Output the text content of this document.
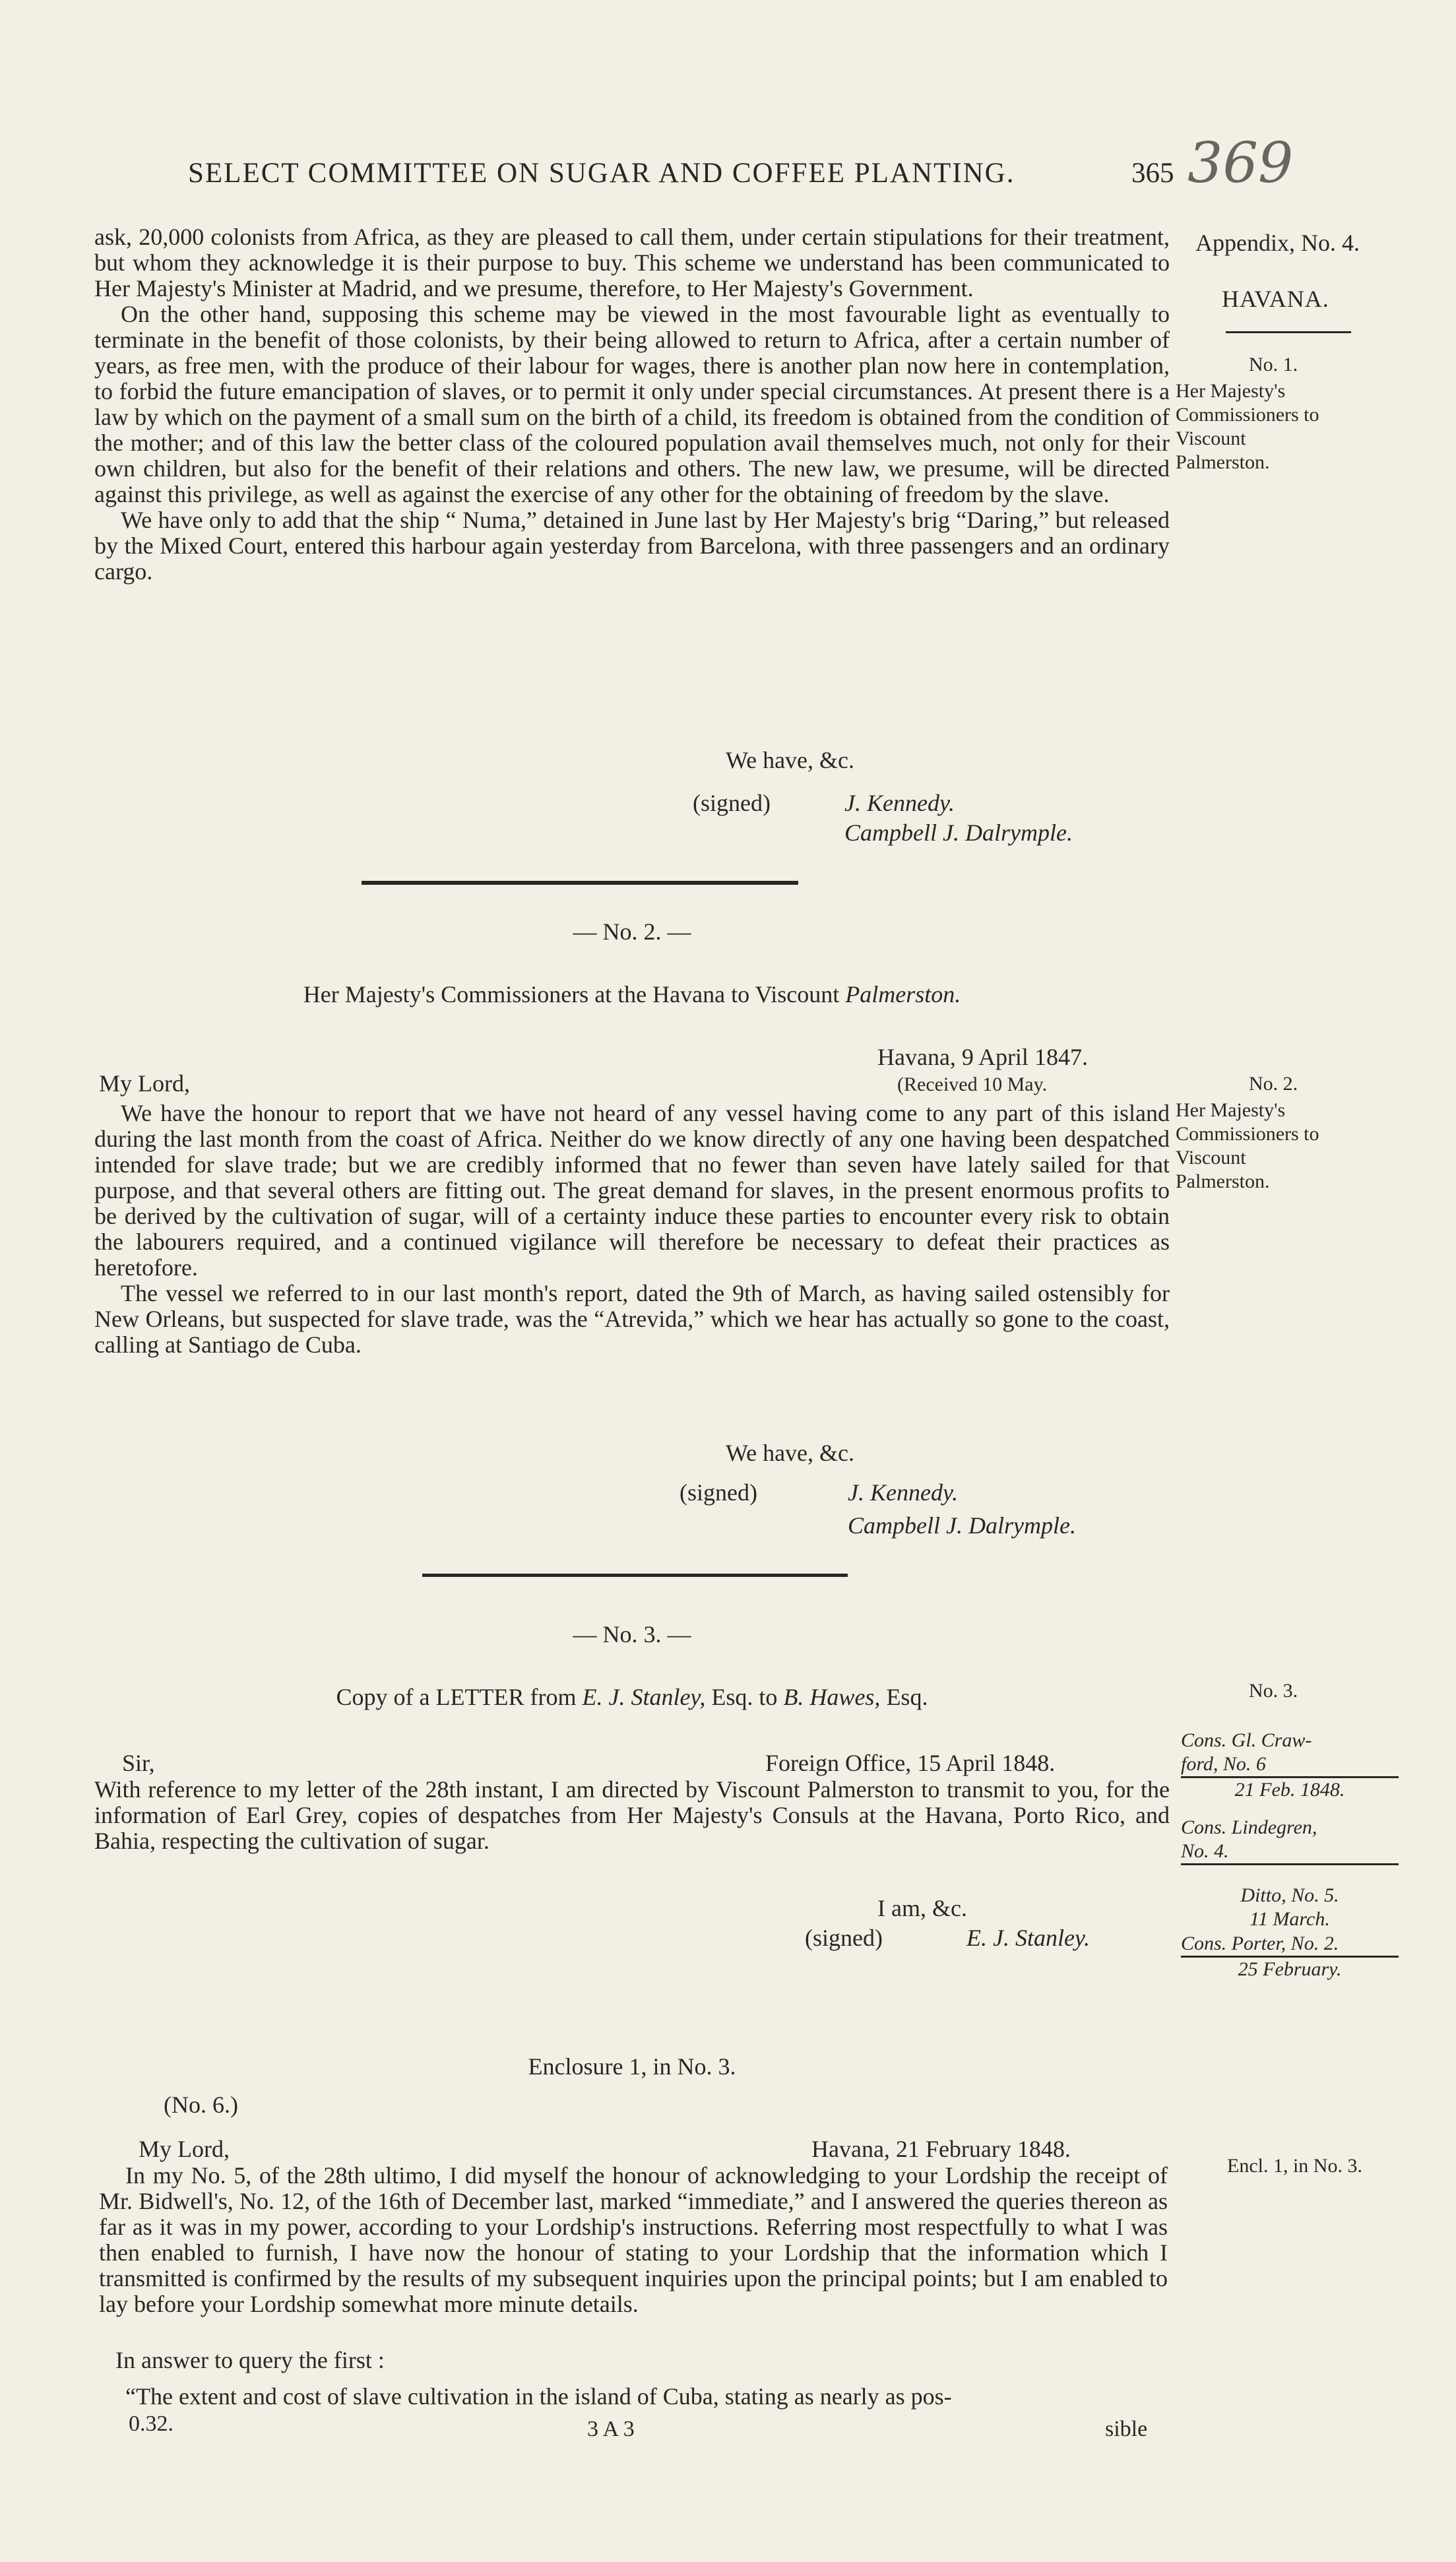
SELECT COMMITTEE ON SUGAR AND COFFEE PLANTING.	365 369
Appendix, No. 4.
HAVANA.
No. 1.
Her Majesty's
Commissioners to
Viscount
Palmerston.
No. 2.
Her Majesty's
Commissioners to
Viscount
Palmerston.
No. 3.
Cons. Gl. Craw-
ford, No. 6
21 Feb. 1848.
Cons. Lindegren,
No. 4.
Ditto, No. 5.
11 March.
Cons. Porter, No. 2.
25 February.
Encl. 1, in No. 3.

ask, 20,000 colonists from Africa, as they are pleased to call them, under certain stipulations for their treatment, but whom they acknowledge it is their purpose to buy. This scheme we understand has been communicated to Her Majesty's Minister at Madrid, and we presume, therefore, to Her Majesty's Government.

On the other hand, supposing this scheme may be viewed in the most favourable light as eventually to terminate in the benefit of those colonists, by their being allowed to return to Africa, after a certain number of years, as free men, with the produce of their labour for wages, there is another plan now here in contemplation, to forbid the future emancipation of slaves, or to permit it only under special circumstances. At present there is a law by which on the payment of a small sum on the birth of a child, its freedom is obtained from the condition of the mother; and of this law the better class of the coloured population avail themselves much, not only for their own children, but also for the benefit of their relations and others. The new law, we presume, will be directed against this privilege, as well as against the exercise of any other for the obtaining of freedom by the slave.

We have only to add that the ship “ Numa,” detained in June last by Her Majesty's brig “Daring,” but released by the Mixed Court, entered this harbour again yesterday from Barcelona, with three passengers and an ordinary cargo.

We have, &c.
(signed)	J. Kennedy.
Campbell J. Dalrymple.
— No. 2. —
Her Majesty's Commissioners at the Havana to Viscount Palmerston.
Havana, 9 April 1847.
My Lord,	(Received 10 May.

We have the honour to report that we have not heard of any vessel having come to any part of this island during the last month from the coast of Africa. Neither do we know directly of any one having been despatched intended for slave trade; but we are credibly informed that no fewer than seven have lately sailed for that purpose, and that several others are fitting out. The great demand for slaves, in the present enormous profits to be derived by the cultivation of sugar, will of a certainty induce these parties to encounter every risk to obtain the labourers required, and a continued vigilance will therefore be necessary to defeat their practices as heretofore.

The vessel we referred to in our last month's report, dated the 9th of March, as having sailed ostensibly for New Orleans, but suspected for slave trade, was the “Atrevida,” which we hear has actually so gone to the coast, calling at Santiago de Cuba.

We have, &c.
(signed)	J. Kennedy.
Campbell J. Dalrymple.
— No. 3. —
Copy of a LETTER from E. J. Stanley, Esq. to B. Hawes, Esq.
Sir,	Foreign Office, 15 April 1848.
With reference to my letter of the 28th instant, I am directed by Viscount Palmerston to transmit to you, for the information of Earl Grey, copies of despatches from Her Majesty's Consuls at the Havana, Porto Rico, and Bahia, respecting the cultivation of sugar.
I am, &c.
(signed)	E. J. Stanley.
Enclosure 1, in No. 3.
(No. 6.)
My Lord,	Havana, 21 February 1848.
In my No. 5, of the 28th ultimo, I did myself the honour of acknowledging to your Lordship the receipt of Mr. Bidwell's, No. 12, of the 16th of December last, marked “immediate,” and I answered the queries thereon as far as it was in my power, according to your Lordship's instructions. Referring most respectfully to what I was then enabled to furnish, I have now the honour of stating to your Lordship that the information which I transmitted is confirmed by the results of my subsequent inquiries upon the principal points; but I am enabled to lay before your Lordship somewhat more minute details.
In answer to query the first :
“The extent and cost of slave cultivation in the island of Cuba, stating as nearly as pos-
0.32.	3 A 3	sible
